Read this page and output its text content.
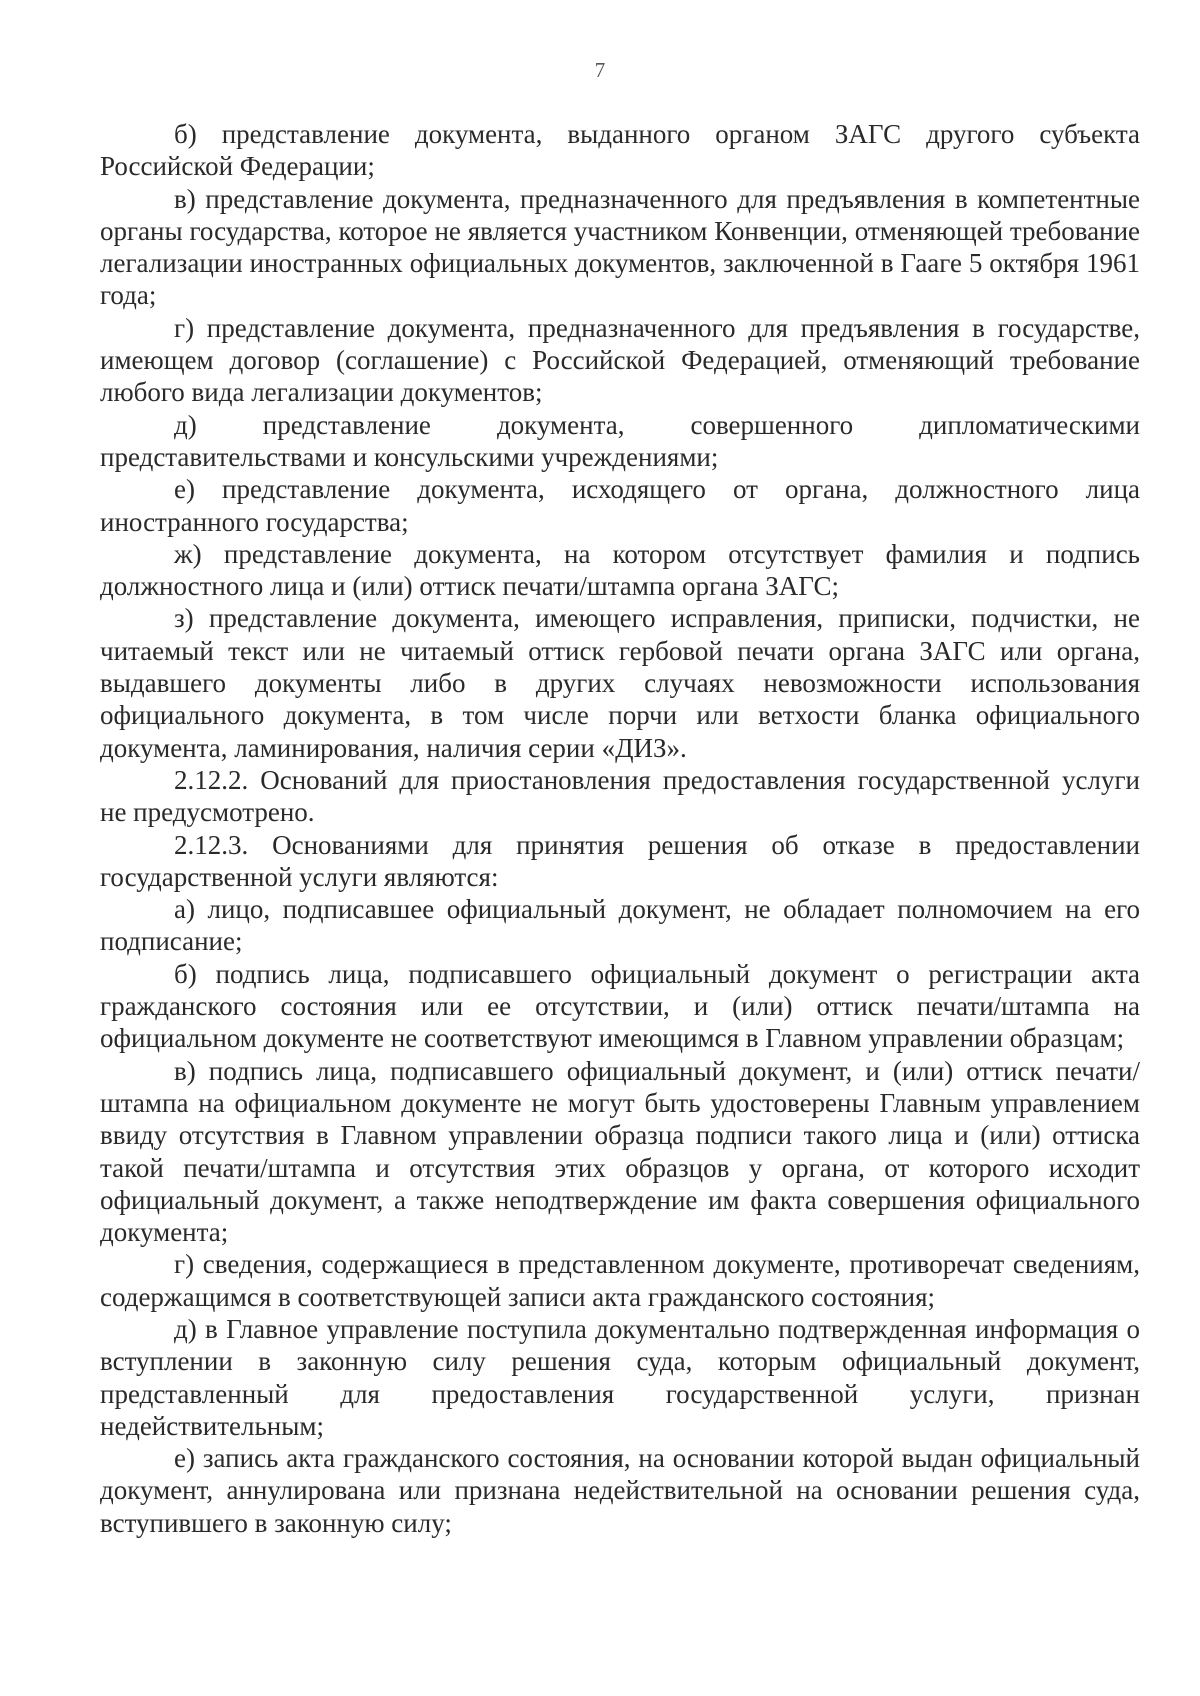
7

б) представление документа, выданного органом ЗАГС другого субъекта Российской Федерации;

в) представление документа, предназначенного для предъявления в компетентные органы государства, которое не является участником Конвенции, отменяющей требование легализации иностранных официальных документов, заключенной в Гааге 5 октября 1961 года;

г) представление документа, предназначенного для предъявления в государстве, имеющем договор (соглашение) с Российской Федерацией, отменяющий требование любого вида легализации документов;

д) представление документа, совершенного дипломатическими представительствами и консульскими учреждениями;

е) представление документа, исходящего от органа, должностного лица иностранного государства;

ж) представление документа, на котором отсутствует фамилия и подпись должностного лица и (или) оттиск печати/штампа органа ЗАГС;

з) представление документа, имеющего исправления, приписки, подчистки, не читаемый текст или не читаемый оттиск гербовой печати органа ЗАГС или органа, выдавшего документы либо в других случаях невозможности использования официального документа, в том числе порчи или ветхости бланка официального документа, ламинирования, наличия серии «ДИЗ».

2.12.2. Оснований для приостановления предоставления государственной услуги не предусмотрено.

2.12.3. Основаниями для принятия решения об отказе в предоставлении государственной услуги являются:

а) лицо, подписавшее официальный документ, не обладает полномочием на его подписание;

б) подпись лица, подписавшего официальный документ о регистрации акта гражданского состояния или ее отсутствии, и (или) оттиск печати/штампа на официальном документе не соответствуют имеющимся в Главном управлении образцам;

в) подпись лица, подписавшего официальный документ, и (или) оттиск печати/штампа на официальном документе не могут быть удостоверены Главным управлением ввиду отсутствия в Главном управлении образца подписи такого лица и (или) оттиска такой печати/штампа и отсутствия этих образцов у органа, от которого исходит официальный документ, а также неподтверждение им факта совершения официального документа;

г) сведения, содержащиеся в представленном документе, противоречат сведениям, содержащимся в соответствующей записи акта гражданского состояния;

д) в Главное управление поступила документально подтвержденная информация о вступлении в законную силу решения суда, которым официальный документ, представленный для предоставления государственной услуги, признан недействительным;

е) запись акта гражданского состояния, на основании которой выдан официальный документ, аннулирована или признана недействительной на основании решения суда, вступившего в законную силу;
